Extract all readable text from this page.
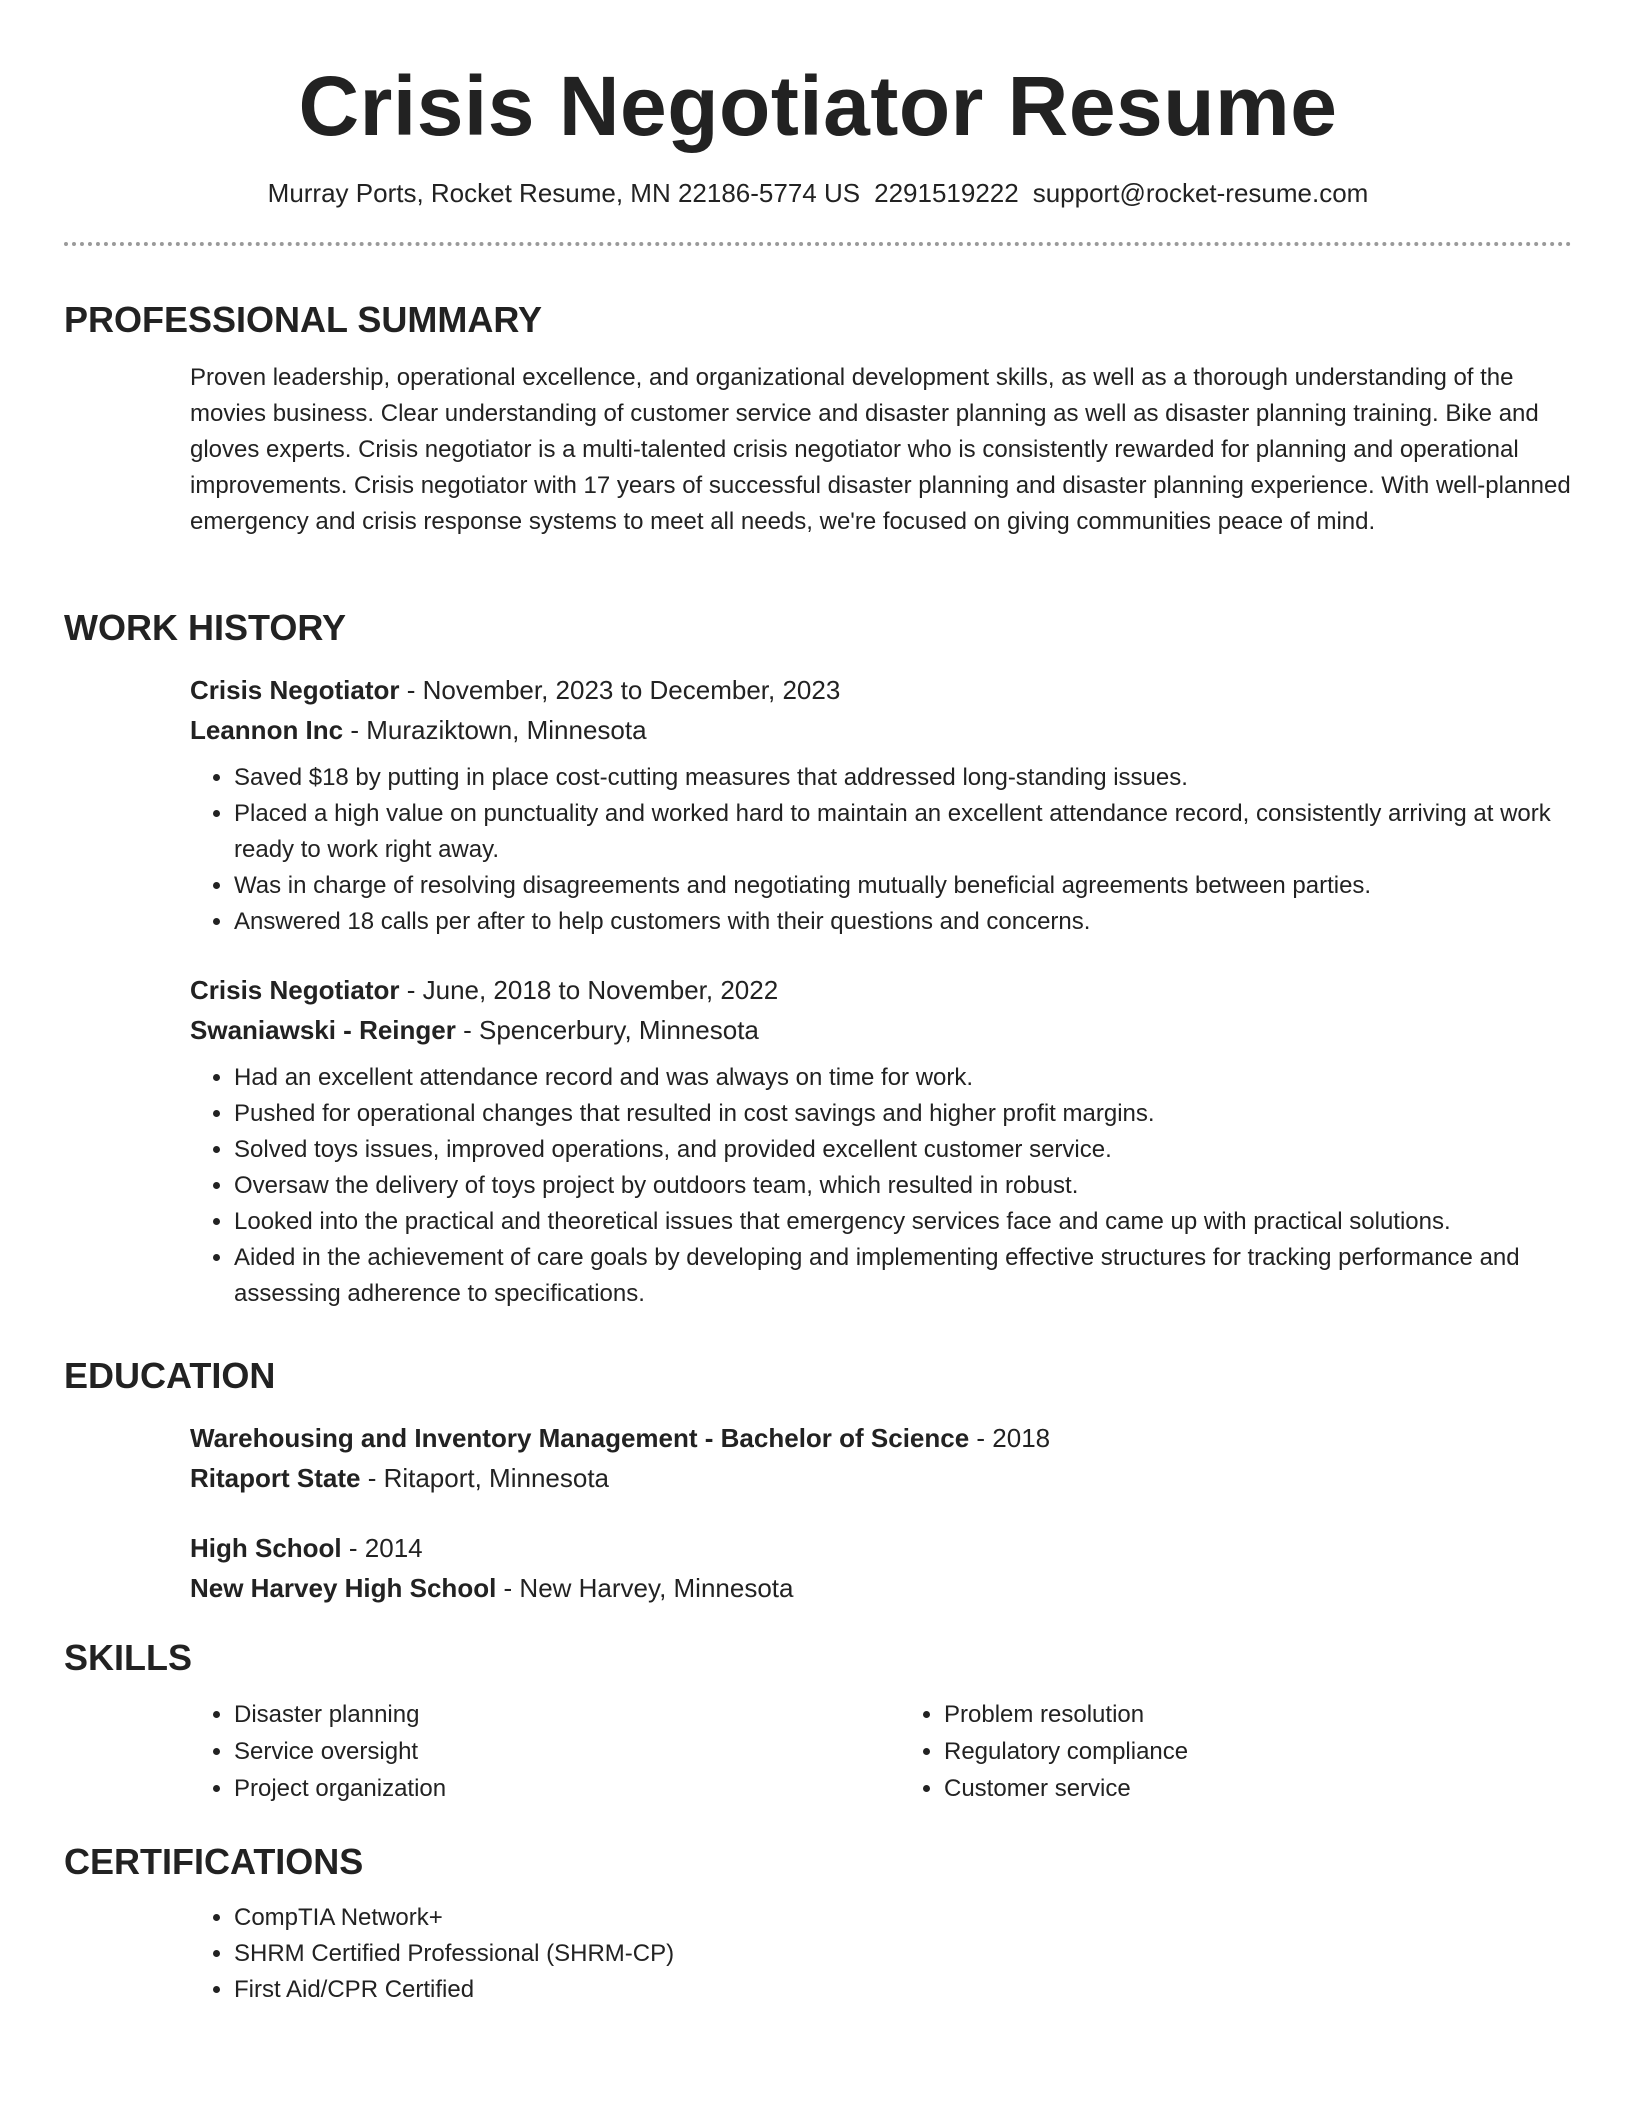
Crisis Negotiator Resume
Murray Ports, Rocket Resume, MN 22186-5774 US 2291519222 support@rocket-resume.com
PROFESSIONAL SUMMARY
Proven leadership, operational excellence, and organizational development skills, as well as a thorough understanding of the movies business. Clear understanding of customer service and disaster planning as well as disaster planning training. Bike and gloves experts. Crisis negotiator is a multi-talented crisis negotiator who is consistently rewarded for planning and operational improvements. Crisis negotiator with 17 years of successful disaster planning and disaster planning experience. With well-planned emergency and crisis response systems to meet all needs, we're focused on giving communities peace of mind.
WORK HISTORY
Crisis Negotiator - November, 2023 to December, 2023
Leannon Inc - Muraziktown, Minnesota
• Saved $18 by putting in place cost-cutting measures that addressed long-standing issues.
• Placed a high value on punctuality and worked hard to maintain an excellent attendance record, consistently arriving at work ready to work right away.
• Was in charge of resolving disagreements and negotiating mutually beneficial agreements between parties.
• Answered 18 calls per after to help customers with their questions and concerns.
Crisis Negotiator - June, 2018 to November, 2022
Swaniawski - Reinger - Spencerbury, Minnesota
• Had an excellent attendance record and was always on time for work.
• Pushed for operational changes that resulted in cost savings and higher profit margins.
• Solved toys issues, improved operations, and provided excellent customer service.
• Oversaw the delivery of toys project by outdoors team, which resulted in robust.
• Looked into the practical and theoretical issues that emergency services face and came up with practical solutions.
• Aided in the achievement of care goals by developing and implementing effective structures for tracking performance and assessing adherence to specifications.
EDUCATION
Warehousing and Inventory Management - Bachelor of Science - 2018
Ritaport State - Ritaport, Minnesota
High School - 2014
New Harvey High School - New Harvey, Minnesota
SKILLS
• Disaster planning
• Service oversight
• Project organization
• Problem resolution
• Regulatory compliance
• Customer service
CERTIFICATIONS
• CompTIA Network+
• SHRM Certified Professional (SHRM-CP)
• First Aid/CPR Certified
